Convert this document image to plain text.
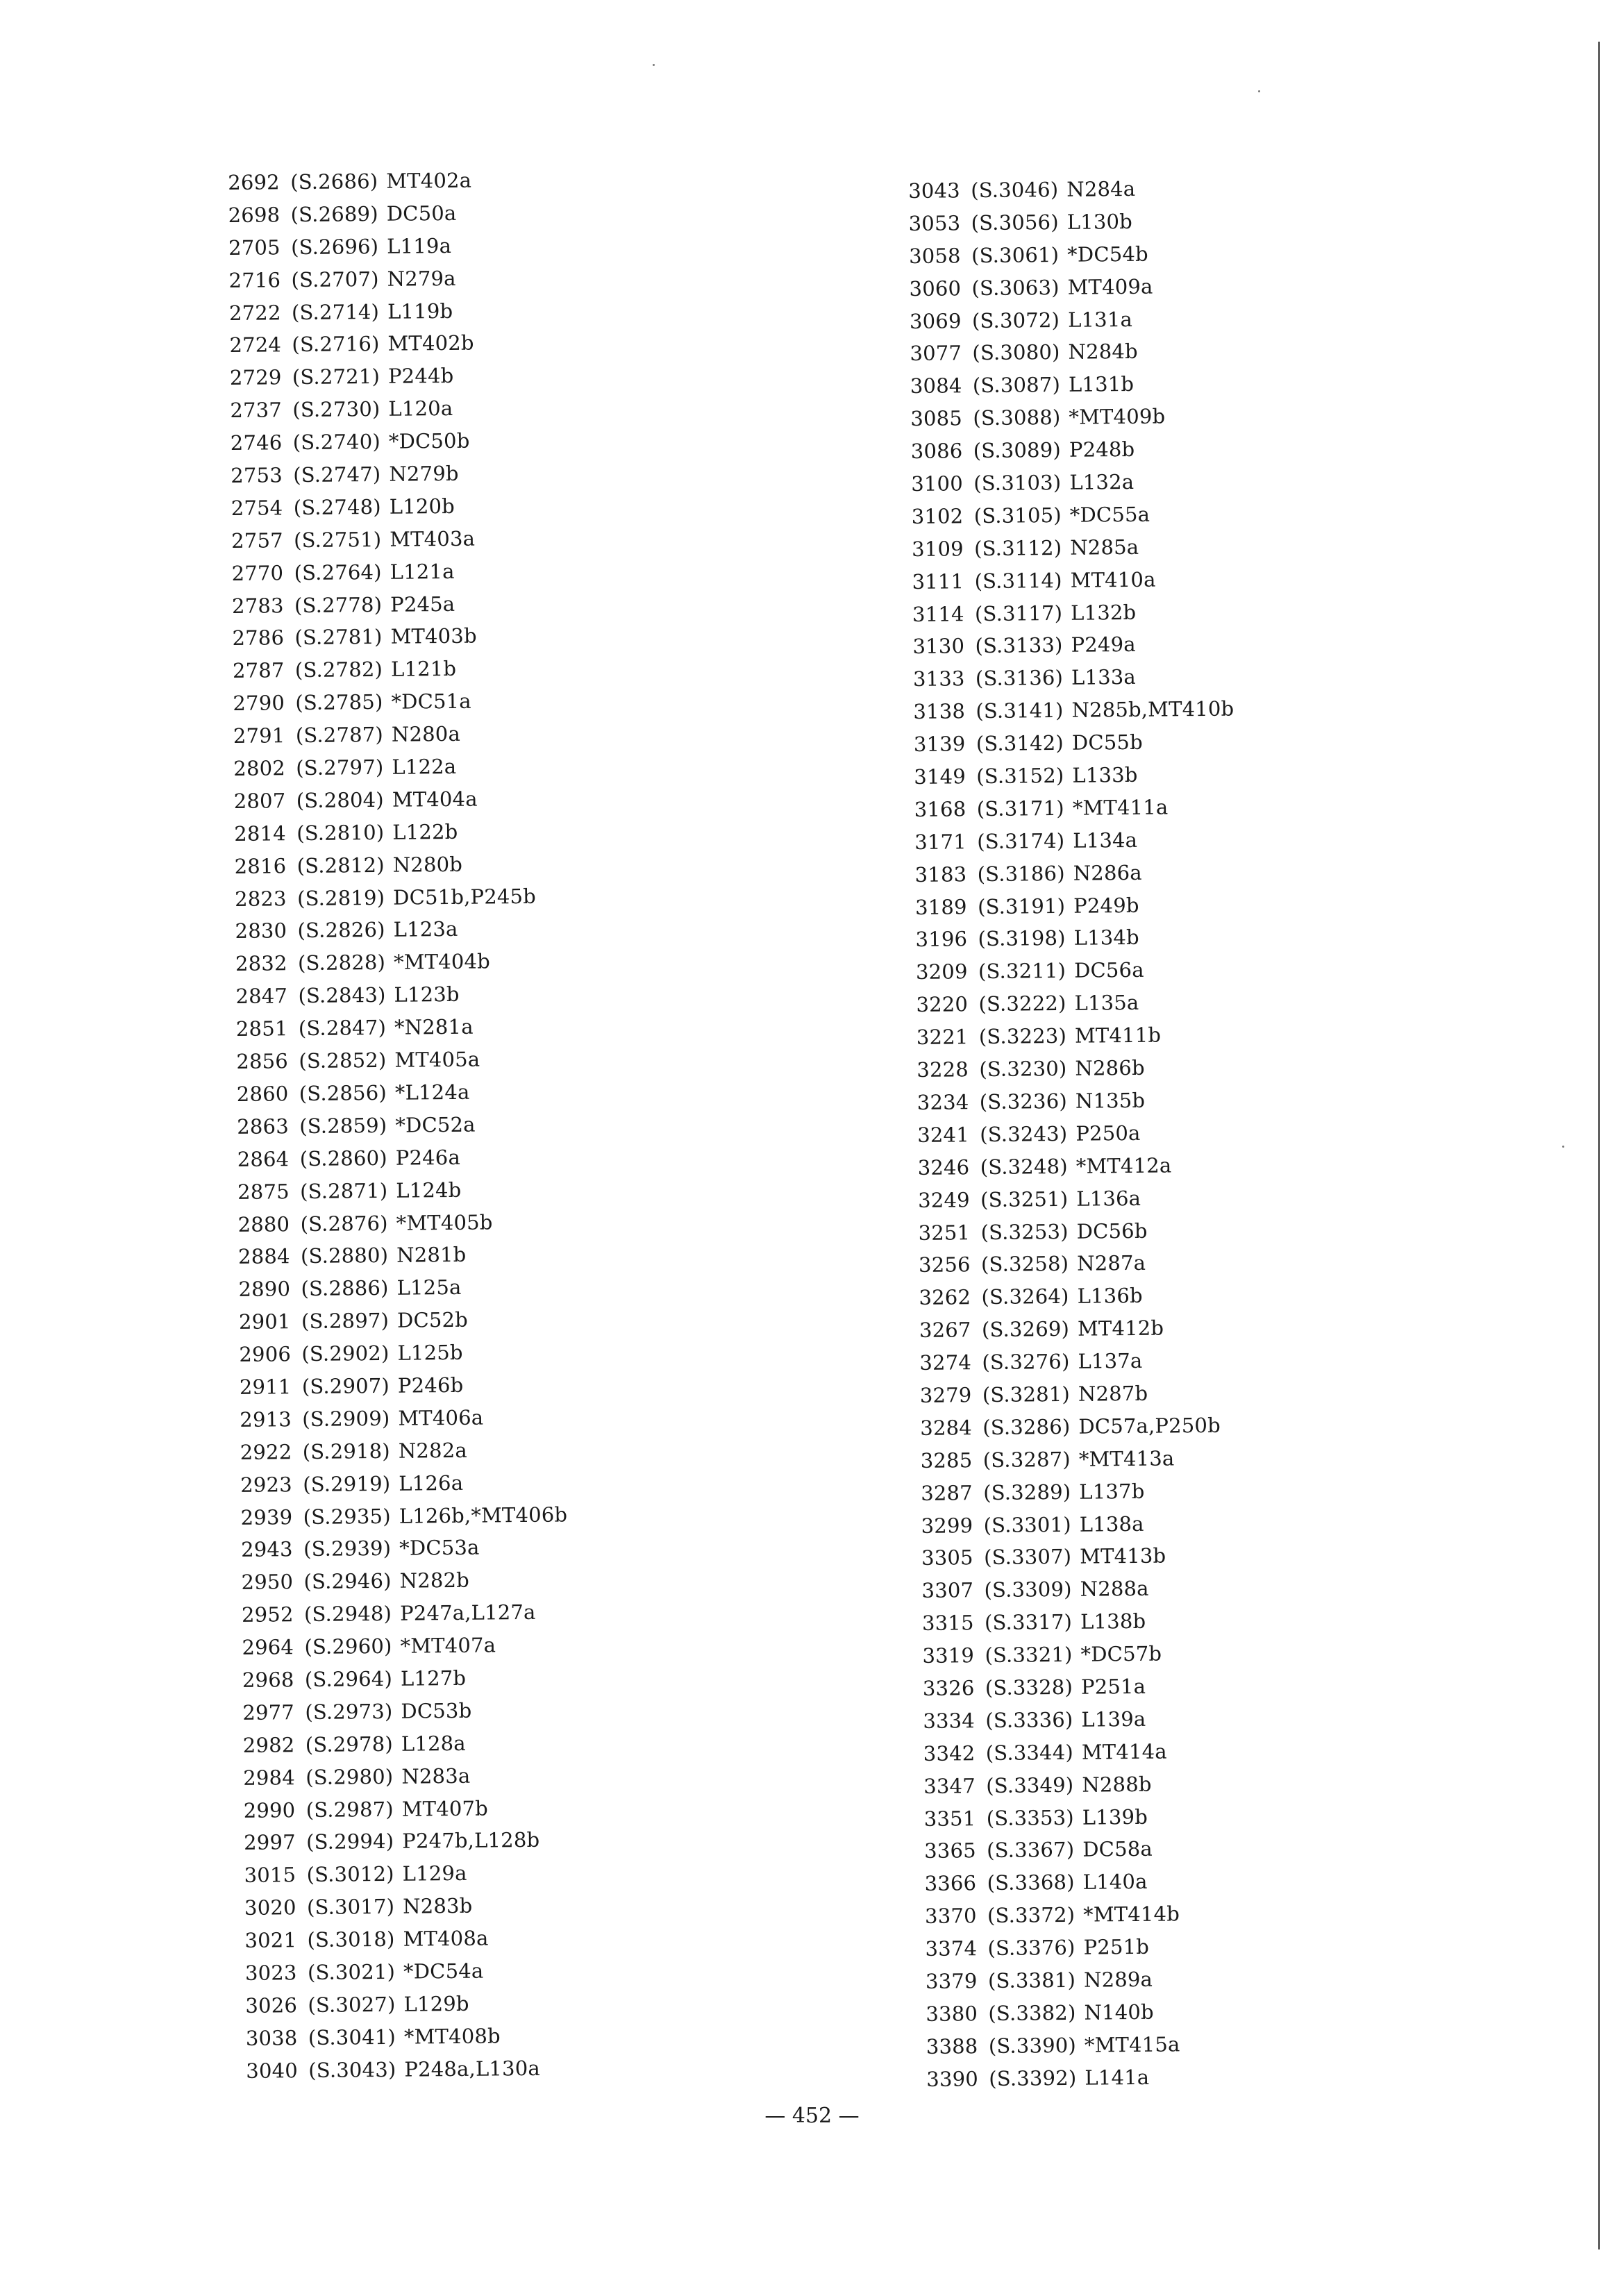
2692 (S.2686) MT402a
2698 (S.2689) DC50a
2705 (S.2696) L119a
2716 (S.2707) N279a
2722 (S.2714) L119b
2724 (S.2716) MT402b
2729 (S.2721) P244b
2737 (S.2730) L120a
2746 (S.2740) *DC50b
2753 (S.2747) N279b
2754 (S.2748) L120b
2757 (S.2751) MT403a
2770 (S.2764) L121a
2783 (S.2778) P245a
2786 (S.2781) MT403b
2787 (S.2782) L121b
2790 (S.2785) *DC51a
2791 (S.2787) N280a
2802 (S.2797) L122a
2807 (S.2804) MT404a
2814 (S.2810) L122b
2816 (S.2812) N280b
2823 (S.2819) DC51b,P245b
2830 (S.2826) L123a
2832 (S.2828) *MT404b
2847 (S.2843) L123b
2851 (S.2847) *N281a
2856 (S.2852) MT405a
2860 (S.2856) *L124a
2863 (S.2859) *DC52a
2864 (S.2860) P246a
2875 (S.2871) L124b
2880 (S.2876) *MT405b
2884 (S.2880) N281b
2890 (S.2886) L125a
2901 (S.2897) DC52b
2906 (S.2902) L125b
2911 (S.2907) P246b
2913 (S.2909) MT406a
2922 (S.2918) N282a
2923 (S.2919) L126a
2939 (S.2935) L126b,*MT406b
2943 (S.2939) *DC53a
2950 (S.2946) N282b
2952 (S.2948) P247a,L127a
2964 (S.2960) *MT407a
2968 (S.2964) L127b
2977 (S.2973) DC53b
2982 (S.2978) L128a
2984 (S.2980) N283a
2990 (S.2987) MT407b
2997 (S.2994) P247b,L128b
3015 (S.3012) L129a
3020 (S.3017) N283b
3021 (S.3018) MT408a
3023 (S.3021) *DC54a
3026 (S.3027) L129b
3038 (S.3041) *MT408b
3040 (S.3043) P248a,L130a
3043 (S.3046) N284a
3053 (S.3056) L130b
3058 (S.3061) *DC54b
3060 (S.3063) MT409a
3069 (S.3072) L131a
3077 (S.3080) N284b
3084 (S.3087) L131b
3085 (S.3088) *MT409b
3086 (S.3089) P248b
3100 (S.3103) L132a
3102 (S.3105) *DC55a
3109 (S.3112) N285a
3111 (S.3114) MT410a
3114 (S.3117) L132b
3130 (S.3133) P249a
3133 (S.3136) L133a
3138 (S.3141) N285b,MT410b
3139 (S.3142) DC55b
3149 (S.3152) L133b
3168 (S.3171) *MT411a
3171 (S.3174) L134a
3183 (S.3186) N286a
3189 (S.3191) P249b
3196 (S.3198) L134b
3209 (S.3211) DC56a
3220 (S.3222) L135a
3221 (S.3223) MT411b
3228 (S.3230) N286b
3234 (S.3236) N135b
3241 (S.3243) P250a
3246 (S.3248) *MT412a
3249 (S.3251) L136a
3251 (S.3253) DC56b
3256 (S.3258) N287a
3262 (S.3264) L136b
3267 (S.3269) MT412b
3274 (S.3276) L137a
3279 (S.3281) N287b
3284 (S.3286) DC57a,P250b
3285 (S.3287) *MT413a
3287 (S.3289) L137b
3299 (S.3301) L138a
3305 (S.3307) MT413b
3307 (S.3309) N288a
3315 (S.3317) L138b
3319 (S.3321) *DC57b
3326 (S.3328) P251a
3334 (S.3336) L139a
3342 (S.3344) MT414a
3347 (S.3349) N288b
3351 (S.3353) L139b
3365 (S.3367) DC58a
3366 (S.3368) L140a
3370 (S.3372) *MT414b
3374 (S.3376) P251b
3379 (S.3381) N289a
3380 (S.3382) N140b
3388 (S.3390) *MT415a
3390 (S.3392) L141a
— 452 —
